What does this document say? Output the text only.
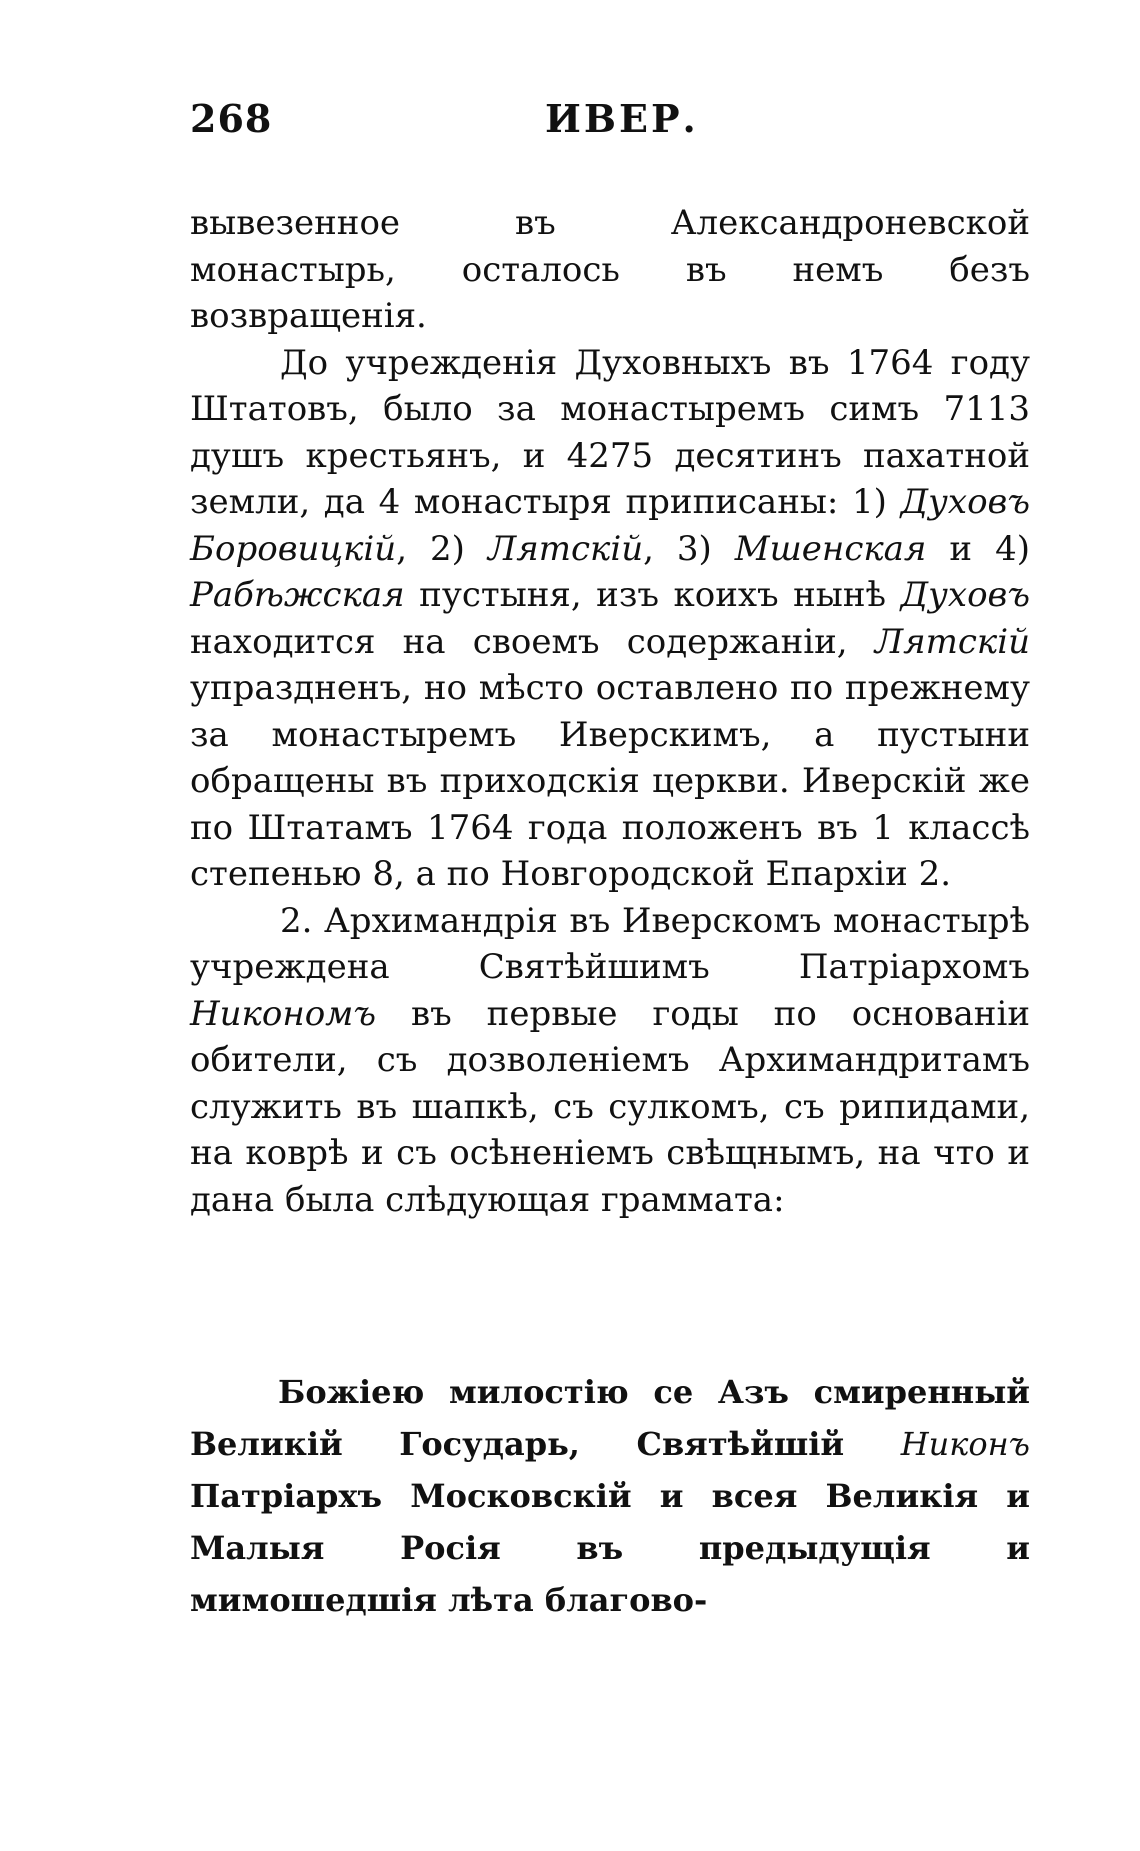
268	ИВЕР.

вывезенное въ Александроневской монастырь, осталось въ немъ безъ возвращенія.

До учрежденія Духовныхъ въ 1764 году Штатовъ, было за монастыремъ симъ 7113 душъ крестьянъ, и 4275 десятинъ пахатной земли, да 4 монастыря приписаны: 1) Духовъ Боровицкій, 2) Лятскій, 3) Мшенская и 4) Рабѣжская пустыня, изъ коихъ нынѣ Духовъ находится на своемъ содержаніи, Лятскій упраздненъ, но мѣсто оставлено по прежнему за монастыремъ Иверскимъ, а пустыни обращены въ приходскія церкви. Иверскій же по Штатамъ 1764 года положенъ въ 1 классѣ степенью 8, а по Новгородской Епархіи 2.

2. Архимандрія въ Иверскомъ монастырѣ учреждена Святѣйшимъ Патріархомъ Никономъ въ первые годы по основаніи обители, съ дозволеніемъ Архимандритамъ служить въ шапкѣ, съ сулкомъ, съ рипидами, на коврѣ и съ осѣненіемъ свѣщнымъ, на что и дана была слѣдующая граммата:

Божіею милостію се Азъ смиренный Великій Государь, Святѣйшій Никонъ Патріархъ Московскій и всея Великія и Малыя Росія въ предыдущія и мимошедшія лѣта благово-
